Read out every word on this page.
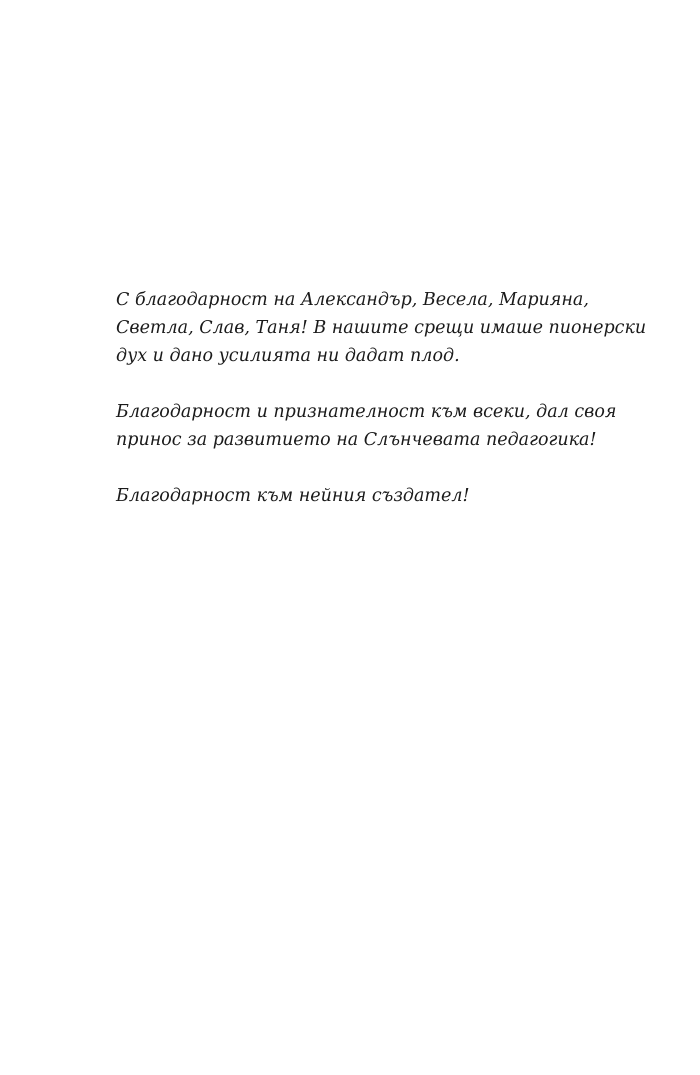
С благодарност на Александър, Весела, Марияна,
Светла, Слав, Таня! В нашите срещи имаше пионерски
дух и дано усилията ни дадат плод.

Благодарност и признателност към всеки, дал своя
принос за развитието на Слънчевата педагогика!

Благодарност към нейния създател!
